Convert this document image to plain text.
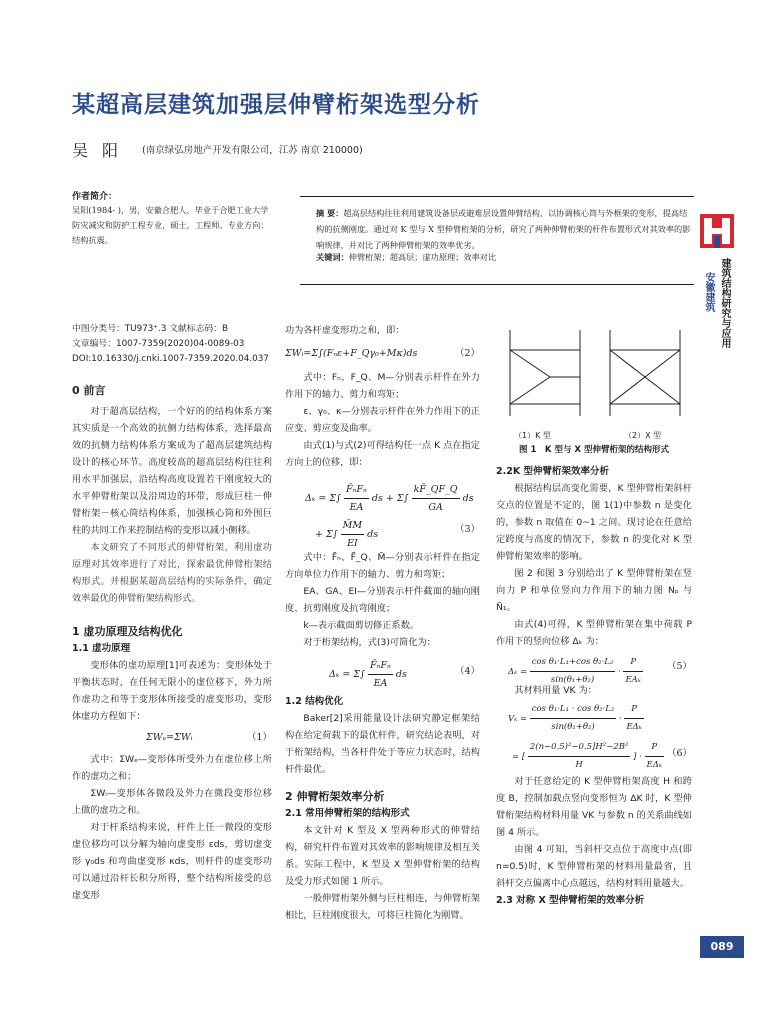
某超高层建筑加强层伸臂桁架选型分析
吴阳 (南京绿弘房地产开发有限公司，江苏 南京 210000)
作者简介：
吴阳(1984- )，男，安徽合肥人，毕业于合肥工业大学防灾减灾和防护工程专业，硕士，工程师。专业方向：结构抗震。
摘 要：超高层结构往往利用建筑设备层或避难层设置伸臂结构，以协调核心筒与外框架的变形，提高结构的抗侧刚度。通过对 K 型与 X 型伸臂桁架的分析，研究了两种伸臂桁架的杆件布置形式对其效率的影响规律，并对比了两种伸臂桁架的效率优劣。
关键词：伸臂桁架；超高层；虚功原理；效率对比
建筑结构研究与应用
安徽建筑
中图分类号：TU973⁺.3 文献标志码：B
文章编号：1007-7359(2020)04-0089-03
DOI:10.16330/j.cnki.1007-7359.2020.04.037
0 前言

对于超高层结构，一个好的的结构体系方案其实质是一个高效的抗侧力结构体系，选择最高效的抗侧力结构体系方案成为了超高层建筑结构设计的核心环节。高度较高的超高层结构往往利用水平加强层，沿结构高度设置若干刚度较大的水平伸臂桁架以及沿周边的环带，形成巨柱－伸臂桁架－核心筒结构体系，加强核心筒和外围巨柱的共同工作来控制结构的变形以减小侧移。

本文研究了不同形式的伸臂桁架，利用虚功原理对其效率进行了对比，探索最优伸臂桁架结构形式。并根据某超高层结构的实际条件，确定效率最优的伸臂桁架结构形式。

1 虚功原理及结构优化
1.1 虚功原理

变形体的虚功原理[1]可表述为：变形体处于平衡状态时，在任何无限小的虚位移下，外力所作虚功之和等于变形体所接受的虚变形功，变形体虚功方程如下：

ΣWₑ=ΣWᵢ	（1）

式中：ΣWₑ—变形体所受外力在虚位移上所作的虚功之和；

ΣWᵢ—变形体各微段及外力在微段变形位移上做的虚功之和。

对于杆系结构来说，杆件上任一微段的变形虚位移均可以分解为轴向虚变形 εds，剪切虚变形 γ₀ds 和弯曲虚变形 κds，则杆件的虚变形功可以通过沿杆长积分所得，整个结构所接受的总虚变形

功为各杆虚变形功之和，即：

ΣWᵢ=Σ∫(Fₙε+F_Qγ₀+Mκ)ds	（2）

式中：Fₙ、F_Q、M—分别表示杆件在外力作用下的轴力、剪力和弯矩；

ε、γ₀、κ—分别表示杆件在外力作用下的正应变、剪应变及曲率。

由式(1)与式(2)可得结构任一点 K 点在指定方向上的位移，即：

$\Delta_k = \Sigma\int \frac{\text{F̄ₙFₙ}}{EA}$ ds + $\Sigma\int \frac{kF̄\_QF\_Q}{GA}$ ds
+ $\Sigma\int \frac{M̄M}{EI}$ ds	（3）

式中：F̄ₙ、F̄_Q、M̄—分别表示杆件在指定方向单位力作用下的轴力、剪力和弯矩；

EA、GA、EI—分别表示杆件截面的轴向刚度、抗剪刚度及抗弯刚度；

k—表示截面剪切修正系数。

对于桁架结构，式(3)可简化为：

$\Delta_k = \Sigma\int \frac{\text{F̄ₙFₙ}}{EA}$ ds	（4）
1.2 结构优化

Baker[2]采用能量设计法研究静定框架结构在给定荷载下的最优杆件，研究结论表明，对于桁架结构，当各杆件处于等应力状态时，结构杆件最优。

2 伸臂桁架效率分析
2.1 常用伸臂桁架的结构形式

本文针对 K 型及 X 型两种形式的伸臂结构，研究杆件布置对其效率的影响规律及相互关系。实际工程中，K 型及 X 型伸臂桁架的结构及受力形式如图 1 所示。

一般伸臂桁架外侧与巨柱相连，与伸臂桁架相比，巨柱刚度很大，可将巨柱简化为刚臂。

（1）K 型	（2）X 型
图 1　K 型与 X 型伸臂桁架的结构形式
2.2K 型伸臂桁架效率分析

根据结构层高变化需要，K 型伸臂桁架斜杆交点的位置是不定的，图 1(1)中参数 n 是变化的，参数 n 取值在 0~1 之间。现讨论在任意给定跨度与高度的情况下，参数 n 的变化对 K 型伸臂桁架效率的影响。

图 2 和图 3 分别给出了 K 型伸臂桁架在竖向力 P 和单位竖向力作用下的轴力图 Nₚ 与 N̄₁。

由式(4)可得，K 型伸臂桁架在集中荷载 P 作用下的竖向位移 Δₖ 为：

$\Delta_k = \frac{\text{cos θ₁·L₁+cos θ₂·L₂}}{\text{sin(θ₁+θ₂)}} \cdot \frac{P}{\text{EAₖ}}$	（5）

其材料用量 VK 为：

$V_k = \frac{\text{cos θ₁·L₁ · cos θ₂·L₂}}{\text{sin(θ₁+θ₂)}} \cdot \frac{P}{\text{EΔₖ}}$
= [ $\frac{\text{2(n−0.5)²−0.5]H²−2B²}}{H}$ ] · $\frac{P}{\text{EΔₖ}} (6)$

对于任意给定的 K 型伸臂桁架高度 H 和跨度 B，控制加载点竖向变形恒为 ΔK 时，K 型伸臂桁架结构材料用量 VK 与参数 n 的关系曲线如图 4 所示。

由图 4 可知，当斜杆交点位于高度中点(即 n=0.5)时，K 型伸臂桁架的材料用量最省，且斜杆交点偏离中心点越远，结构材料用量越大。

2.3 对称 X 型伸臂桁架的效率分析
089
